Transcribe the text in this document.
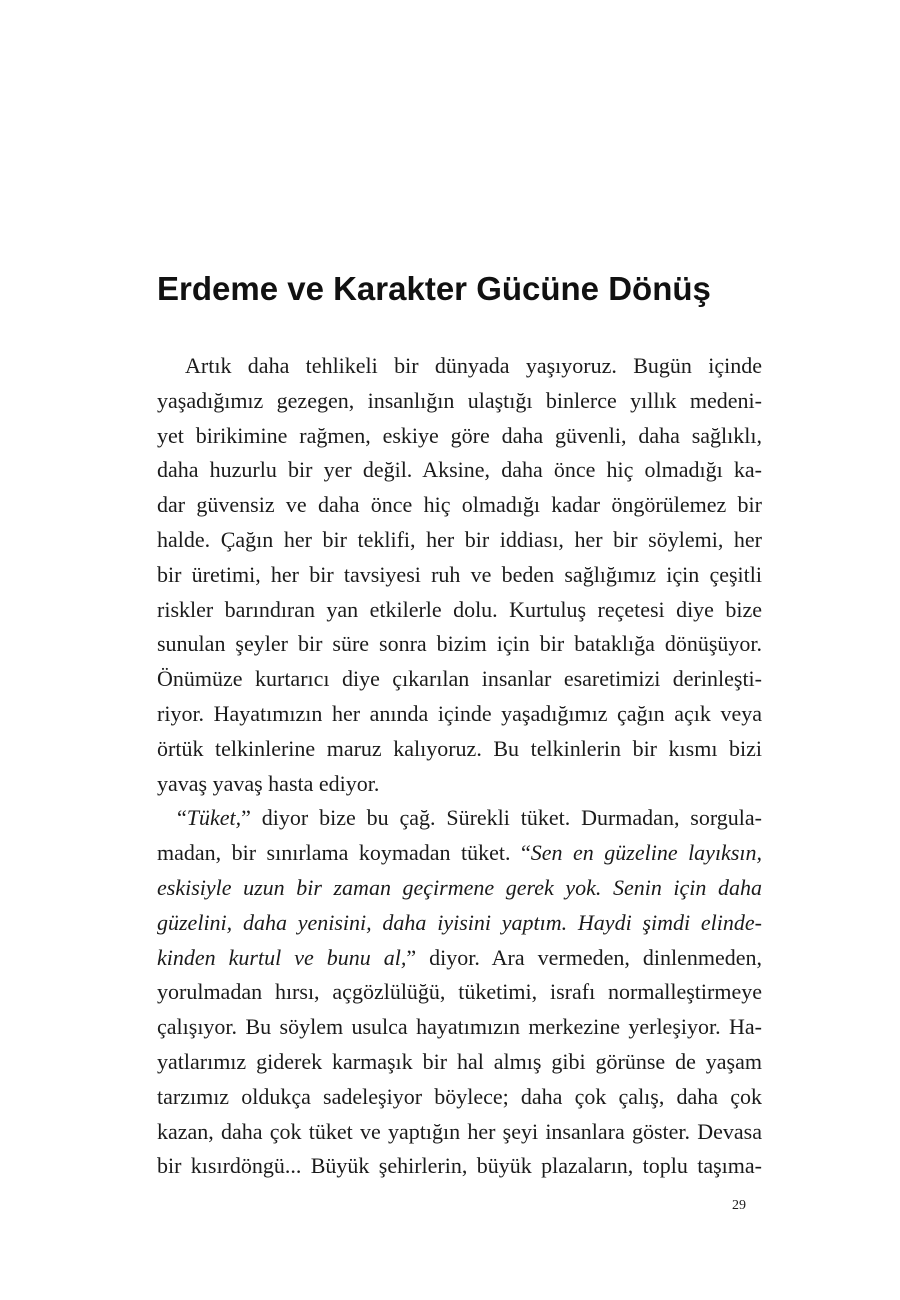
Erdeme ve Karakter Gücüne Dönüş
Artık daha tehlikeli bir dünyada yaşıyoruz. Bugün içinde
yaşadığımız gezegen, insanlığın ulaştığı binlerce yıllık medeni-
yet birikimine rağmen, eskiye göre daha güvenli, daha sağlıklı,
daha huzurlu bir yer değil. Aksine, daha önce hiç olmadığı ka-
dar güvensiz ve daha önce hiç olmadığı kadar öngörülemez bir
halde. Çağın her bir teklifi, her bir iddiası, her bir söylemi, her
bir üretimi, her bir tavsiyesi ruh ve beden sağlığımız için çeşitli
riskler barındıran yan etkilerle dolu. Kurtuluş reçetesi diye bize
sunulan şeyler bir süre sonra bizim için bir bataklığa dönüşüyor.
Önümüze kurtarıcı diye çıkarılan insanlar esaretimizi derinleşti-
riyor. Hayatımızın her anında içinde yaşadığımız çağın açık veya
örtük telkinlerine maruz kalıyoruz. Bu telkinlerin bir kısmı bizi
yavaş yavaş hasta ediyor.
“Tüket,” diyor bize bu çağ. Sürekli tüket. Durmadan, sorgula-
madan, bir sınırlama koymadan tüket. “Sen en güzeline layıksın,
eskisiyle uzun bir zaman geçirmene gerek yok. Senin için daha
güzelini, daha yenisini, daha iyisini yaptım. Haydi şimdi elinde-
kinden kurtul ve bunu al,” diyor. Ara vermeden, dinlenmeden,
yorulmadan hırsı, açgözlülüğü, tüketimi, israfı normalleştirmeye
çalışıyor. Bu söylem usulca hayatımızın merkezine yerleşiyor. Ha-
yatlarımız giderek karmaşık bir hal almış gibi görünse de yaşam
tarzımız oldukça sadeleşiyor böylece; daha çok çalış, daha çok
kazan, daha çok tüket ve yaptığın her şeyi insanlara göster. Devasa
bir kısırdöngü... Büyük şehirlerin, büyük plazaların, toplu taşıma-
29
